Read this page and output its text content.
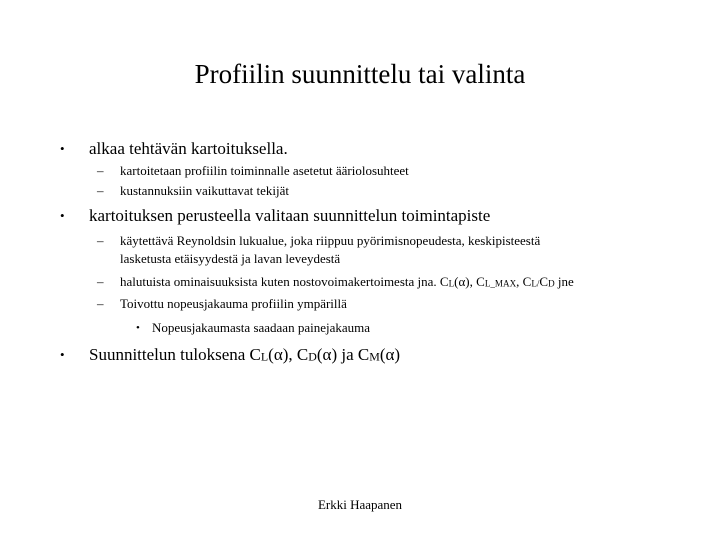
Profiilin suunnittelu tai valinta
• alkaa tehtävän kartoituksella.
– kartoitetaan profiilin toiminnalle asetetut ääriolosuhteet
– kustannuksiin vaikuttavat tekijät
• kartoituksen perusteella valitaan suunnittelun toimintapiste
– käytettävä Reynoldsin lukualue, joka riippuu pyörimisnopeudesta, keskipisteestä
lasketusta etäisyydestä ja lavan leveydestä
– halutuista ominaisuuksista kuten nostovoimakertoimesta jna. CL(α), CL_MAX, CL/CD jne
– Toivottu nopeusjakauma profiilin ympärillä
• Nopeusjakaumasta saadaan painejakauma
• Suunnittelun tuloksena CL(α), CD(α) ja CM(α)
Erkki Haapanen
